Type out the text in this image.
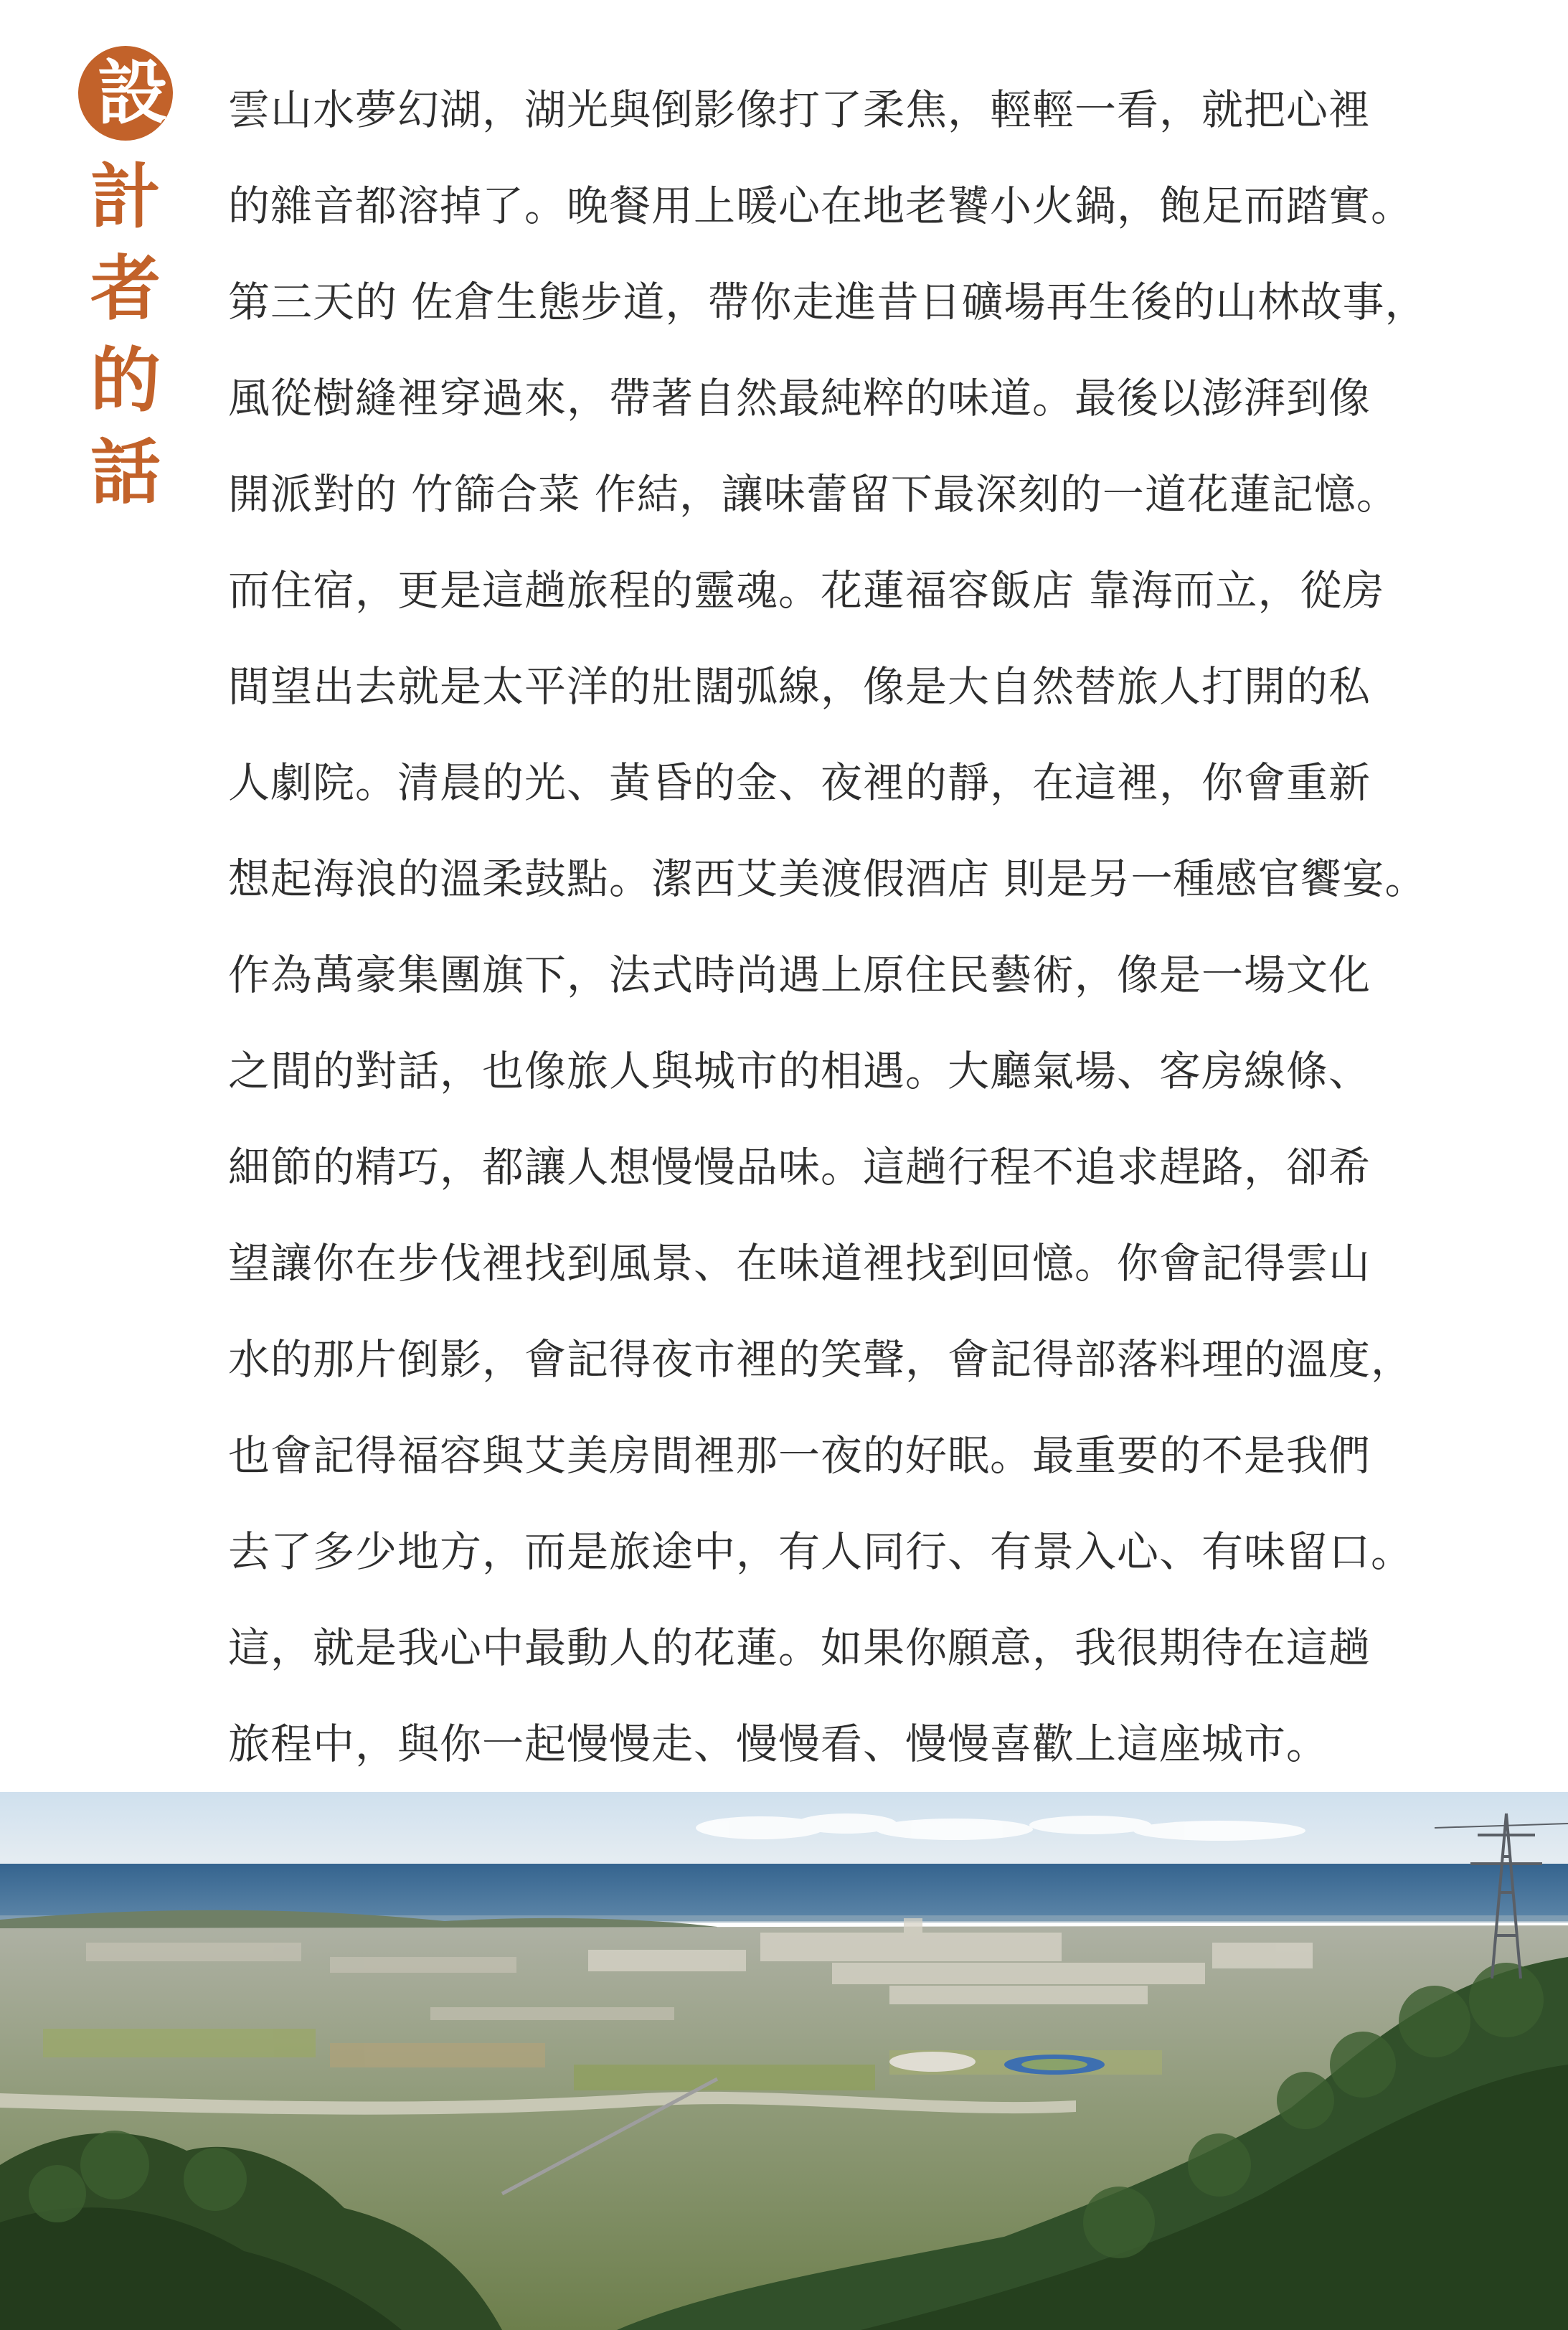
設
計
者
的
話
雲山水夢幻湖，湖光與倒影像打了柔焦，輕輕一看，就把心裡
的雜音都溶掉了。晚餐用上暖心在地老饕小火鍋，飽足而踏實。
第三天的 佐倉生態步道，帶你走進昔日礦場再生後的山林故事，
風從樹縫裡穿過來，帶著自然最純粹的味道。最後以澎湃到像
開派對的 竹篩合菜 作結，讓味蕾留下最深刻的一道花蓮記憶。
而住宿，更是這趟旅程的靈魂。花蓮福容飯店 靠海而立，從房
間望出去就是太平洋的壯闊弧線，像是大自然替旅人打開的私
人劇院。清晨的光、黃昏的金、夜裡的靜，在這裡，你會重新
想起海浪的溫柔鼓點。潔西艾美渡假酒店 則是另一種感官饗宴。
作為萬豪集團旗下，法式時尚遇上原住民藝術，像是一場文化
之間的對話，也像旅人與城市的相遇。大廳氣場、客房線條、
細節的精巧，都讓人想慢慢品味。這趟行程不追求趕路，卻希
望讓你在步伐裡找到風景、在味道裡找到回憶。你會記得雲山
水的那片倒影，會記得夜市裡的笑聲，會記得部落料理的溫度，
也會記得福容與艾美房間裡那一夜的好眠。最重要的不是我們
去了多少地方，而是旅途中，有人同行、有景入心、有味留口。
這，就是我心中最動人的花蓮。如果你願意，我很期待在這趟
旅程中，與你一起慢慢走、慢慢看、慢慢喜歡上這座城市。
